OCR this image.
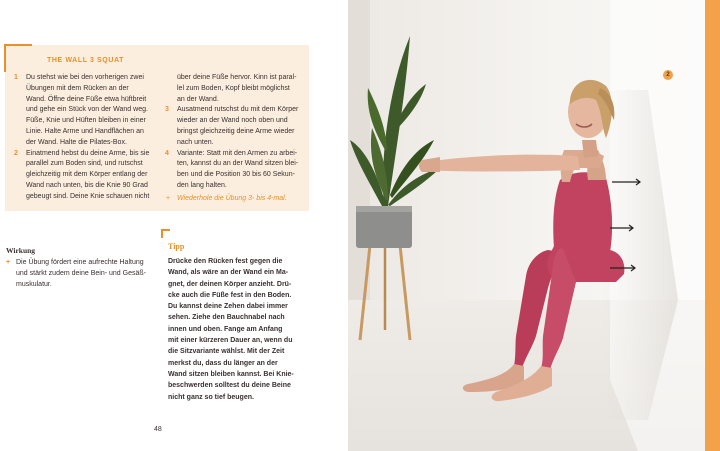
THE WALL 3 SQUAT
1 Du stehst wie bei den vorherigen zwei
Übungen mit dem Rücken an der
Wand. Öffne deine Füße etwa hüftbreit
und gehe ein Stück von der Wand weg.
Füße, Knie und Hüften bleiben in einer
Linie. Halte Arme und Handflächen an
der Wand. Halte die Pilates-Box.
2 Einatmend hebst du deine Arme, bis sie
parallel zum Boden sind, und rutschst
gleichzeitig mit dem Körper entlang der
Wand nach unten, bis die Knie 90 Grad
gebeugt sind. Deine Knie schauen nicht
über deine Füße hervor. Kinn ist paral-
lel zum Boden, Kopf bleibt möglichst
an der Wand.
3 Ausatmend rutschst du mit dem Körper
wieder an der Wand noch oben und
bringst gleichzeitig deine Arme wieder
nach unten.
4 Variante: Statt mit den Armen zu arbei-
ten, kannst du an der Wand sitzen blei-
ben und die Position 30 bis 60 Sekun-
den lang halten.
+ Wiederhole die Übung 3- bis 4-mal.
Wirkung
+ Die Übung fördert eine aufrechte Haltung
und stärkt zudem deine Bein- und Gesäß-
muskulatur.
Tipp
Drücke den Rücken fest gegen die
Wand, als wäre an der Wand ein Ma-
gnet, der deinen Körper anzieht. Drü-
cke auch die Füße fest in den Boden.
Du kannst deine Zehen dabei immer
sehen. Ziehe den Bauchnabel nach
innen und oben. Fange am Anfang
mit einer kürzeren Dauer an, wenn du
die Sitzvariante wählst. Mit der Zeit
merkst du, dass du länger an der
Wand sitzen bleiben kannst. Bei Knie-
beschwerden solltest du deine Beine
nicht ganz so tief beugen.
48
2
